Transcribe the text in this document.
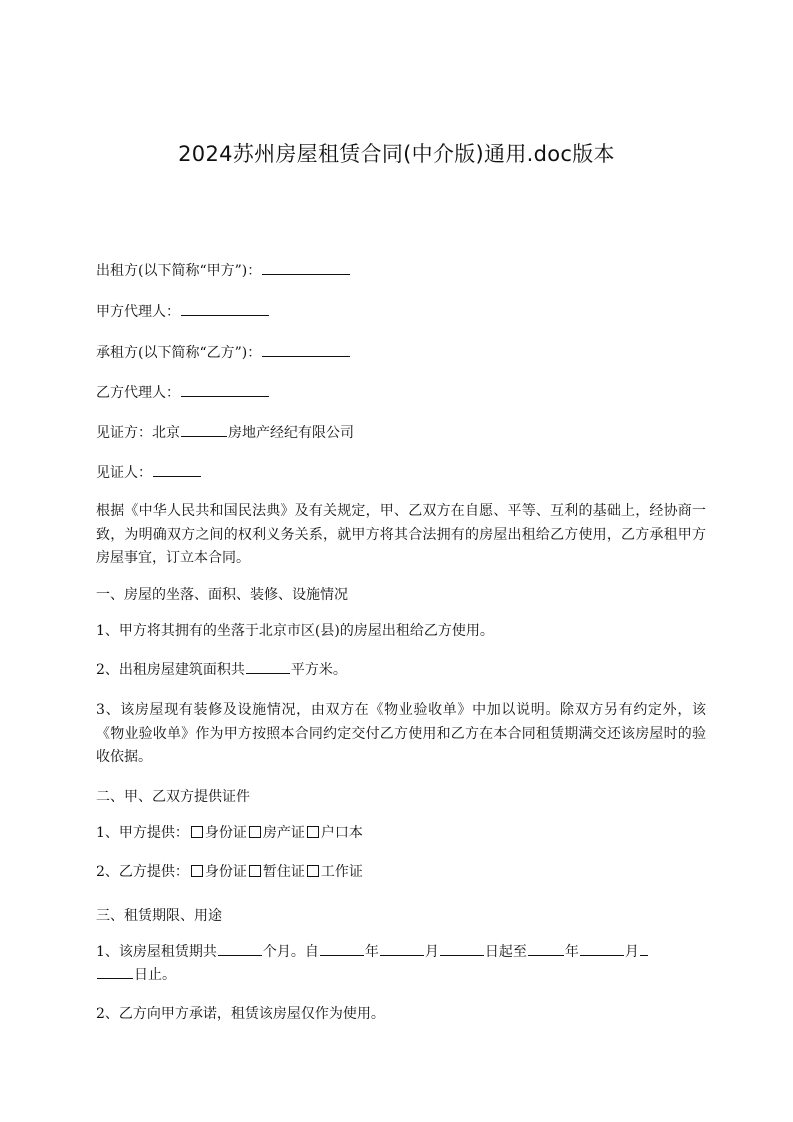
2024苏州房屋租赁合同(中介版)通用.doc版本
出租方(以下简称“甲方”)：
甲方代理人：
承租方(以下简称“乙方”)：
乙方代理人：
见证方：北京	房地产经纪有限公司
见证人：
根据《中华人民共和国民法典》及有关规定，甲、乙双方在自愿、平等、互利的基础上，经协商一致，为明确双方之间的权利义务关系，就甲方将其合法拥有的房屋出租给乙方使用，乙方承租甲方房屋事宜，订立本合同。
一、房屋的坐落、面积、装修、设施情况
1、甲方将其拥有的坐落于北京市区(县)的房屋出租给乙方使用。
2、出租房屋建筑面积共	平方米。
3、该房屋现有装修及设施情况，由双方在《物业验收单》中加以说明。除双方另有约定外，该《物业验收单》作为甲方按照本合同约定交付乙方使用和乙方在本合同租赁期满交还该房屋时的验收依据。
二、甲、乙双方提供证件
1、甲方提供： 身份证 房产证 户口本
2、乙方提供： 身份证 暂住证 工作证
三、租赁期限、用途
1、该房屋租赁期共	个月。自	年	月	日起至	年	月
日止。
2、乙方向甲方承诺，租赁该房屋仅作为使用。
